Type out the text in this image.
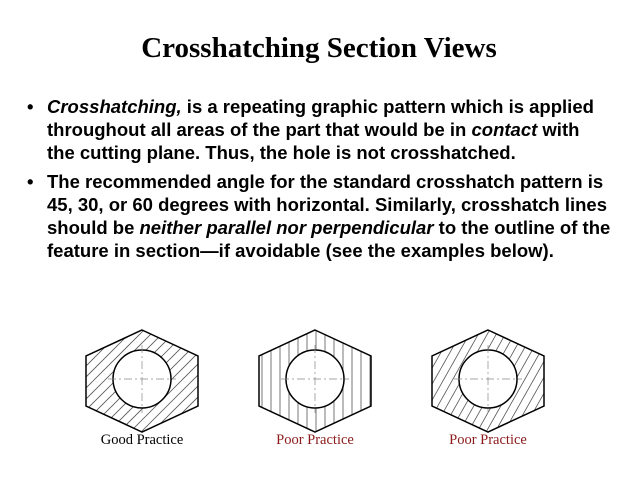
Crosshatching Section Views
• Crosshatching, is a repeating graphic pattern which is applied throughout all areas of the part that would be in contact with the cutting plane. Thus, the hole is not crosshatched.
• The recommended angle for the standard crosshatch pattern is 45, 30, or 60 degrees with horizontal. Similarly, crosshatch lines should be neither parallel nor perpendicular to the outline of the feature in section—if avoidable (see the examples below).
Good Practice	Poor Practice	Poor Practice
